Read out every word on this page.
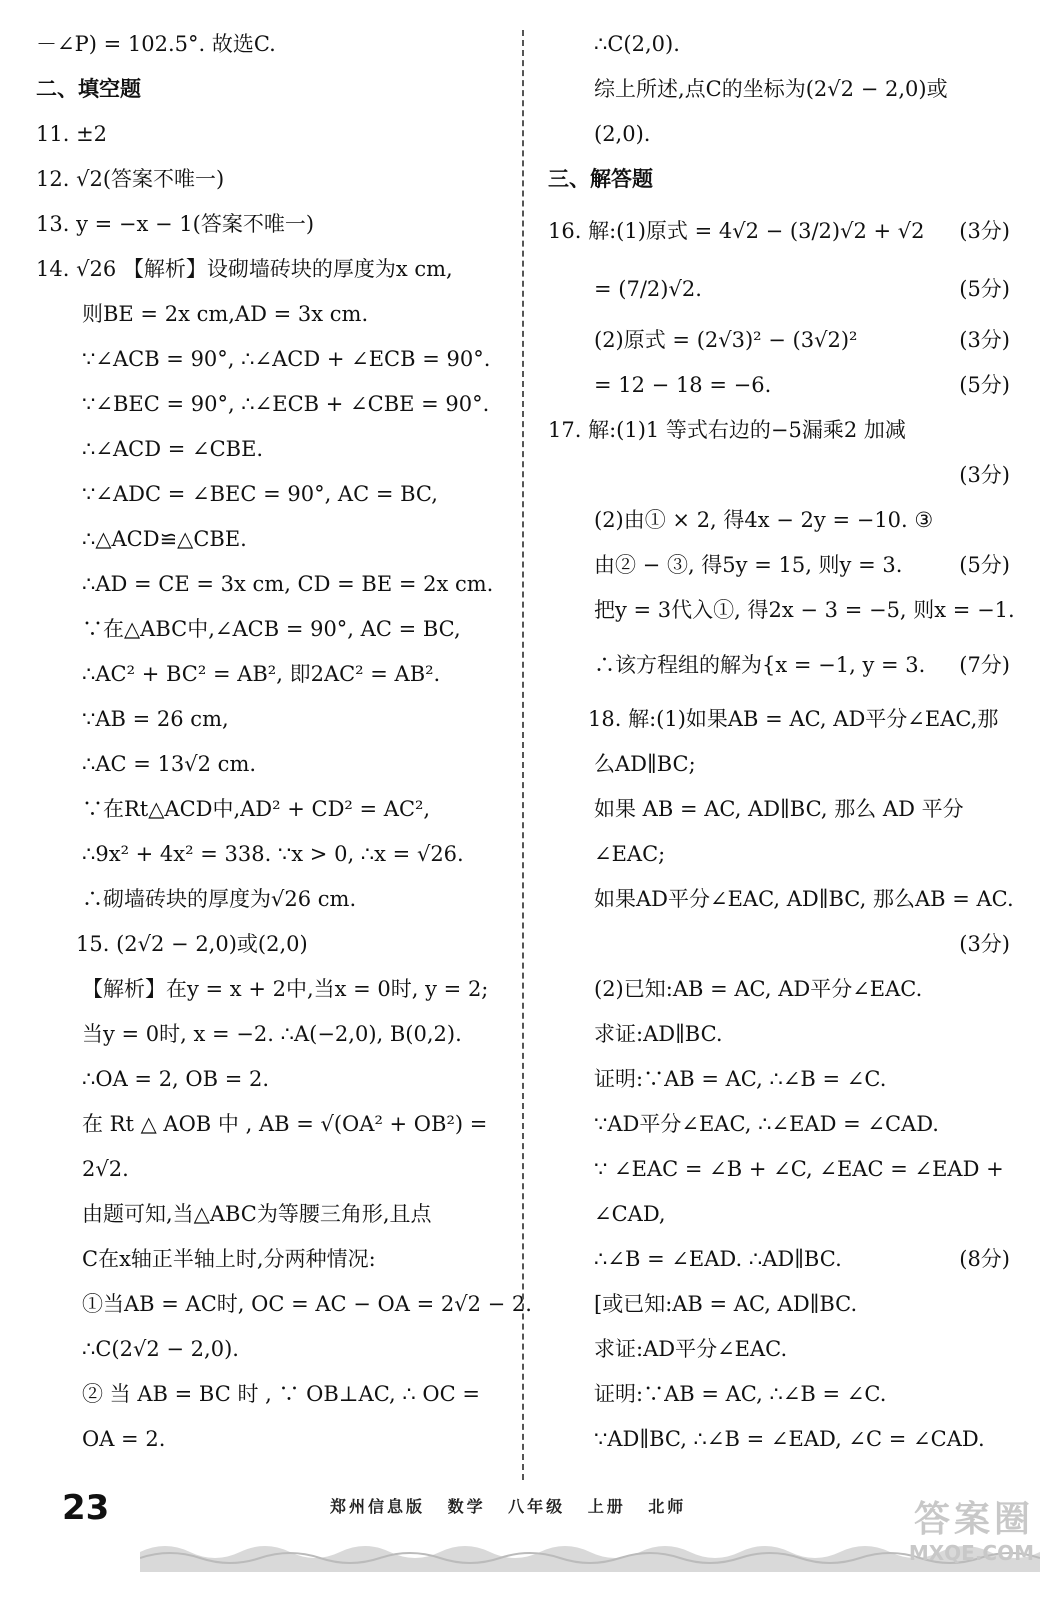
－∠P) = 102.5°. 故选C.
二、填空题
11. ±2
12. √2(答案不唯一)
13. y = −x − 1(答案不唯一)
14. √26 【解析】设砌墙砖块的厚度为x cm,
则BE = 2x cm,AD = 3x cm.
∵∠ACB = 90°, ∴∠ACD + ∠ECB = 90°.
∵∠BEC = 90°, ∴∠ECB + ∠CBE = 90°.
∴∠ACD = ∠CBE.
∵∠ADC = ∠BEC = 90°, AC = BC,
∴△ACD≌△CBE.
∴AD = CE = 3x cm, CD = BE = 2x cm.
∵在△ABC中,∠ACB = 90°, AC = BC,
∴AC² + BC² = AB², 即2AC² = AB².
∵AB = 26 cm,
∴AC = 13√2 cm.
∵在Rt△ACD中,AD² + CD² = AC²,
∴9x² + 4x² = 338. ∵x > 0, ∴x = √26.
∴砌墙砖块的厚度为√26 cm.
15. (2√2 − 2,0)或(2,0)
【解析】在y = x + 2中,当x = 0时, y = 2;
当y = 0时, x = −2. ∴A(−2,0), B(0,2).
∴OA = 2, OB = 2.
在 Rt △ AOB 中 , AB = √(OA² + OB²) =
2√2.
由题可知,当△ABC为等腰三角形,且点
C在x轴正半轴上时,分两种情况:
①当AB = AC时, OC = AC − OA = 2√2 − 2.
∴C(2√2 − 2,0).
② 当 AB = BC 时 , ∵ OB⊥AC, ∴ OC =
OA = 2.
∴C(2,0).
综上所述,点C的坐标为(2√2 − 2,0)或
(2,0).
三、解答题
16. 解:(1)原式 = 4√2 − (3/2)√2 + √2 (3分)
= (7/2)√2.	(5分)
(2)原式 = (2√3)² − (3√2)²	(3分)
= 12 − 18 = −6.	(5分)
17. 解:(1)1 等式右边的−5漏乘2 加减
(3分)
(2)由① × 2, 得4x − 2y = −10. ③
由② − ③, 得5y = 15, 则y = 3.	(5分)
把y = 3代入①, 得2x − 3 = −5, 则x = −1.
∴该方程组的解为{x = −1, y = 3. (7分)
18. 解:(1)如果AB = AC, AD平分∠EAC,那
么AD∥BC;
如果 AB = AC, AD∥BC, 那么 AD 平分
∠EAC;
如果AD平分∠EAC, AD∥BC, 那么AB = AC.
(3分)
(2)已知:AB = AC, AD平分∠EAC.
求证:AD∥BC.
证明:∵AB = AC, ∴∠B = ∠C.
∵AD平分∠EAC, ∴∠EAD = ∠CAD.
∵ ∠EAC = ∠B + ∠C, ∠EAC = ∠EAD +
∠CAD,
∴∠B = ∠EAD. ∴AD∥BC.	(8分)
[或已知:AB = AC, AD∥BC.
求证:AD平分∠EAC.
证明:∵AB = AC, ∴∠B = ∠C.
∵AD∥BC, ∴∠B = ∠EAD, ∠C = ∠CAD.
23	郑州信息版 数学 八年级 上册 北师	答案圈
MXQE.COM
